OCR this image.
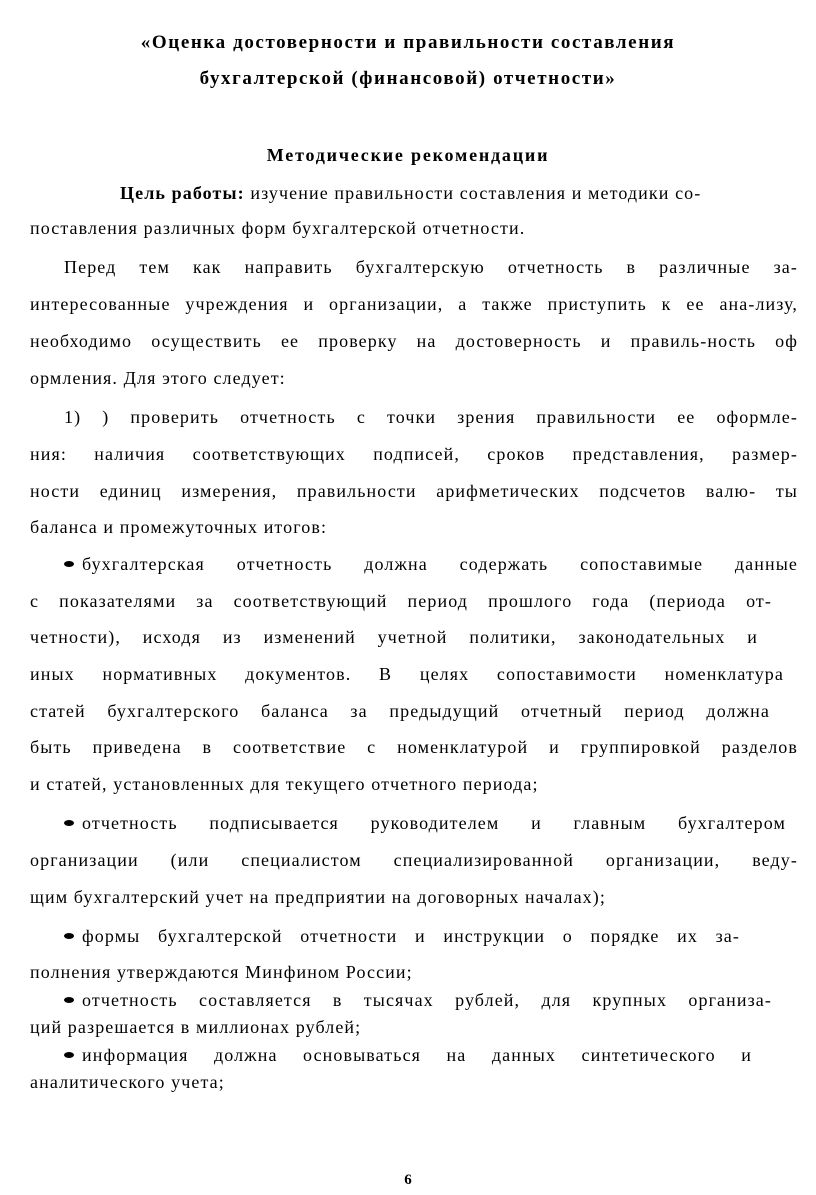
«Оценка достоверности и правильности составления
бухгалтерской (финансовой) отчетности»
Методические рекомендации
Цель работы: изучение правильности составления и методики со-
поставления различных форм бухгалтерской отчетности.
Перед тем как направить бухгалтерскую отчетность в различные за-
интересованные учреждения и организации, а также приступить к ее ана-лизу,
необходимо осуществить ее проверку на достоверность и правиль-ность оф
ормления. Для этого следует:
1) ) проверить отчетность с точки зрения правильности ее оформле-
ния: наличия соответствующих подписей, сроков представления, размер-
ности единиц измерения, правильности арифметических подсчетов валю- ты
баланса и промежуточных итогов:
бухгалтерская отчетность должна содержать сопоставимые данные
с показателями за соответствующий период прошлого года (периода от-
четности), исходя из изменений учетной политики, законодательных и
иных нормативных документов. В целях сопоставимости номенклатура
статей бухгалтерского баланса за предыдущий отчетный период должна
быть приведена в соответствие с номенклатурой и группировкой разделов
и статей, установленных для текущего отчетного периода;
отчетность подписывается руководителем и главным бухгалтером
организации (или специалистом специализированной организации, веду-
щим бухгалтерский учет на предприятии на договорных началах);
формы бухгалтерской отчетности и инструкции о порядке их за-
полнения утверждаются Минфином России;
отчетность составляется в тысячах рублей, для крупных организа-
ций разрешается в миллионах рублей;
информация должна основываться на данных синтетического и
аналитического учета;
6
